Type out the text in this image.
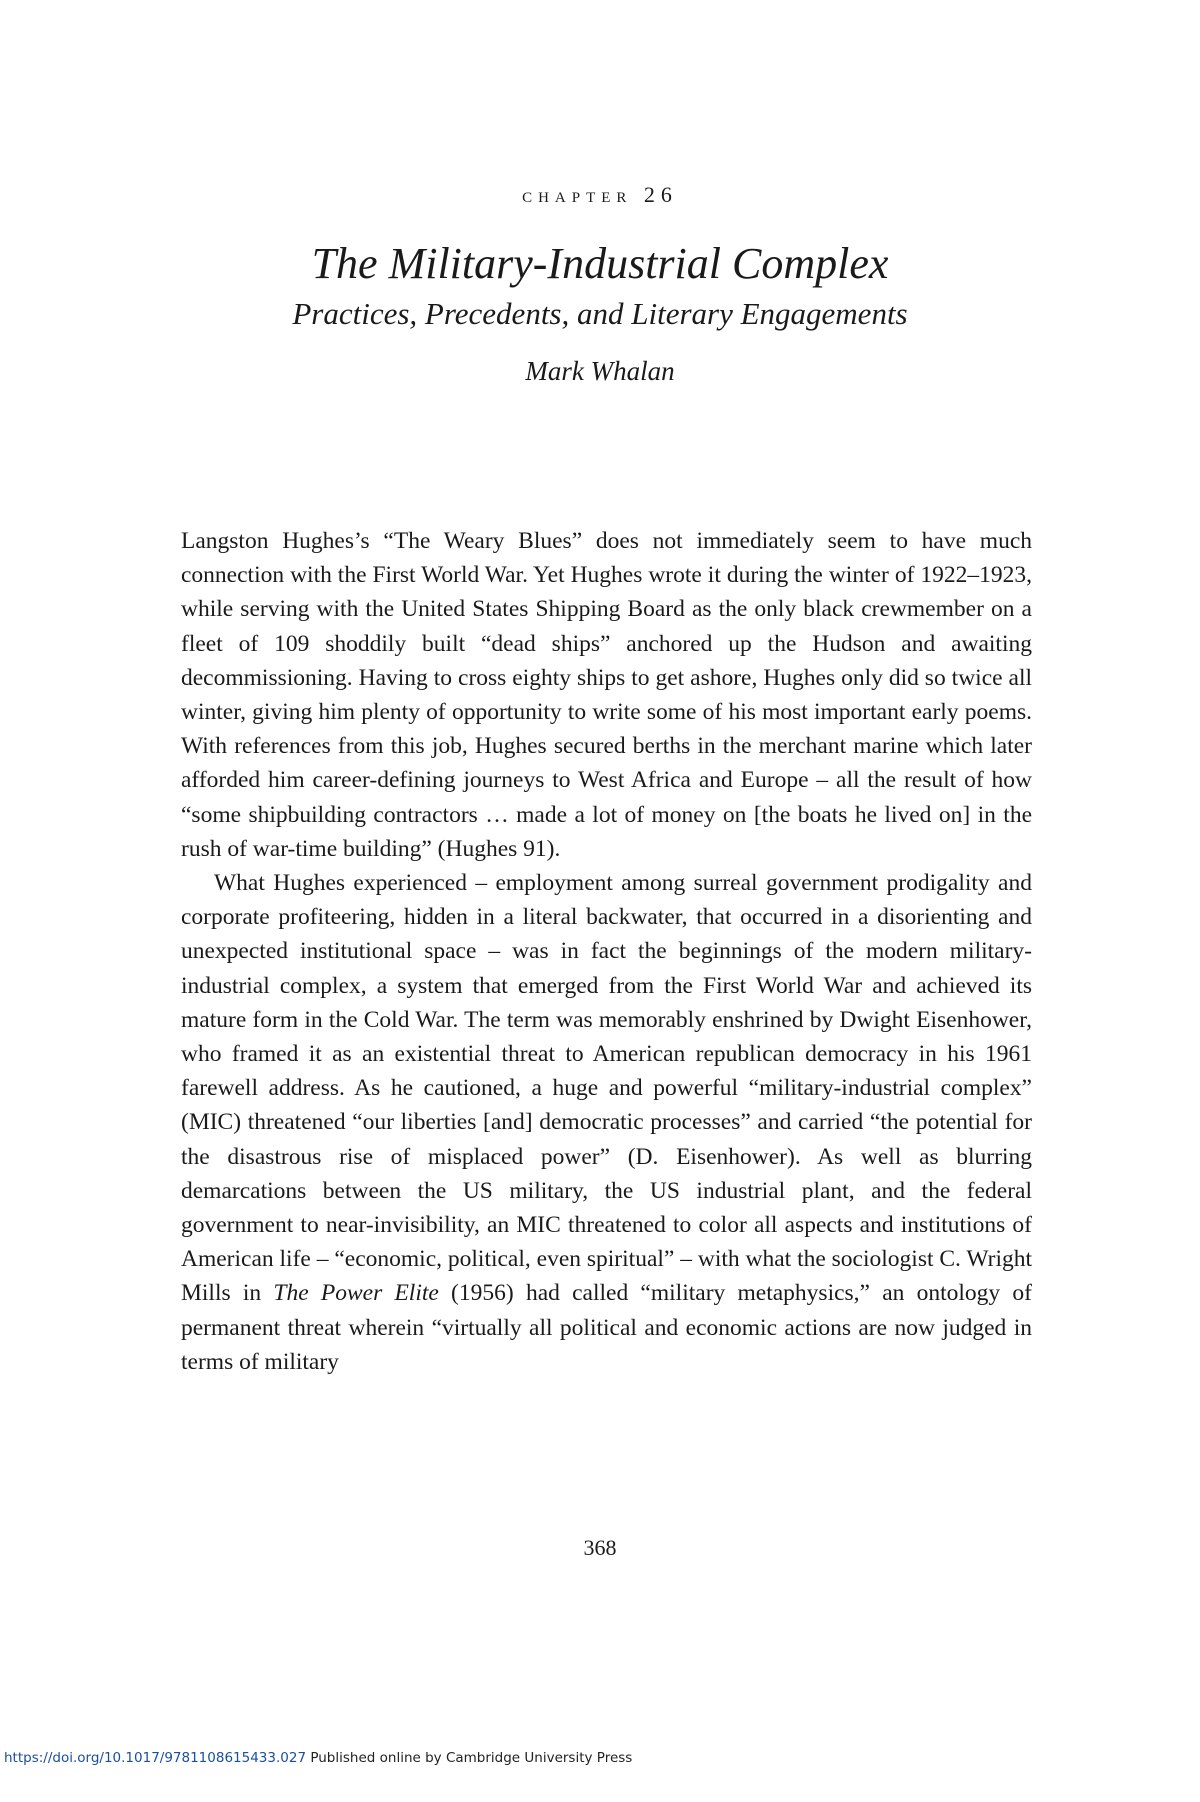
chapter 26
The Military-Industrial Complex
Practices, Precedents, and Literary Engagements
Mark Whalan

Langston Hughes’s “The Weary Blues” does not immediately seem to have much connection with the First World War. Yet Hughes wrote it during the winter of 1922–1923, while serving with the United States Shipping Board as the only black crewmember on a fleet of 109 shoddily built “dead ships” anchored up the Hudson and awaiting decommissioning. Having to cross eighty ships to get ashore, Hughes only did so twice all winter, giving him plenty of opportunity to write some of his most important early poems. With references from this job, Hughes secured berths in the merchant marine which later afforded him career-defining journeys to West Africa and Europe – all the result of how “some shipbuilding contractors … made a lot of money on [the boats he lived on] in the rush of war-time building” (Hughes 91).

What Hughes experienced – employment among surreal government prodigality and corporate profiteering, hidden in a literal backwater, that occurred in a disorienting and unexpected institutional space – was in fact the beginnings of the modern military-industrial complex, a system that emerged from the First World War and achieved its mature form in the Cold War. The term was memorably enshrined by Dwight Eisenhower, who framed it as an existential threat to American republican democracy in his 1961 farewell address. As he cautioned, a huge and powerful “military-industrial complex” (MIC) threatened “our liberties [and] democratic processes” and carried “the potential for the disastrous rise of misplaced power” (D. Eisenhower). As well as blurring demarcations between the US military, the US industrial plant, and the federal government to near-invisibility, an MIC threatened to color all aspects and institutions of American life – “economic, political, even spiritual” – with what the sociologist C. Wright Mills in The Power Elite (1956) had called “military metaphysics,” an ontology of permanent threat wherein “virtually all political and economic actions are now judged in terms of military

368
https://doi.org/10.1017/9781108615433.027 Published online by Cambridge University Press
